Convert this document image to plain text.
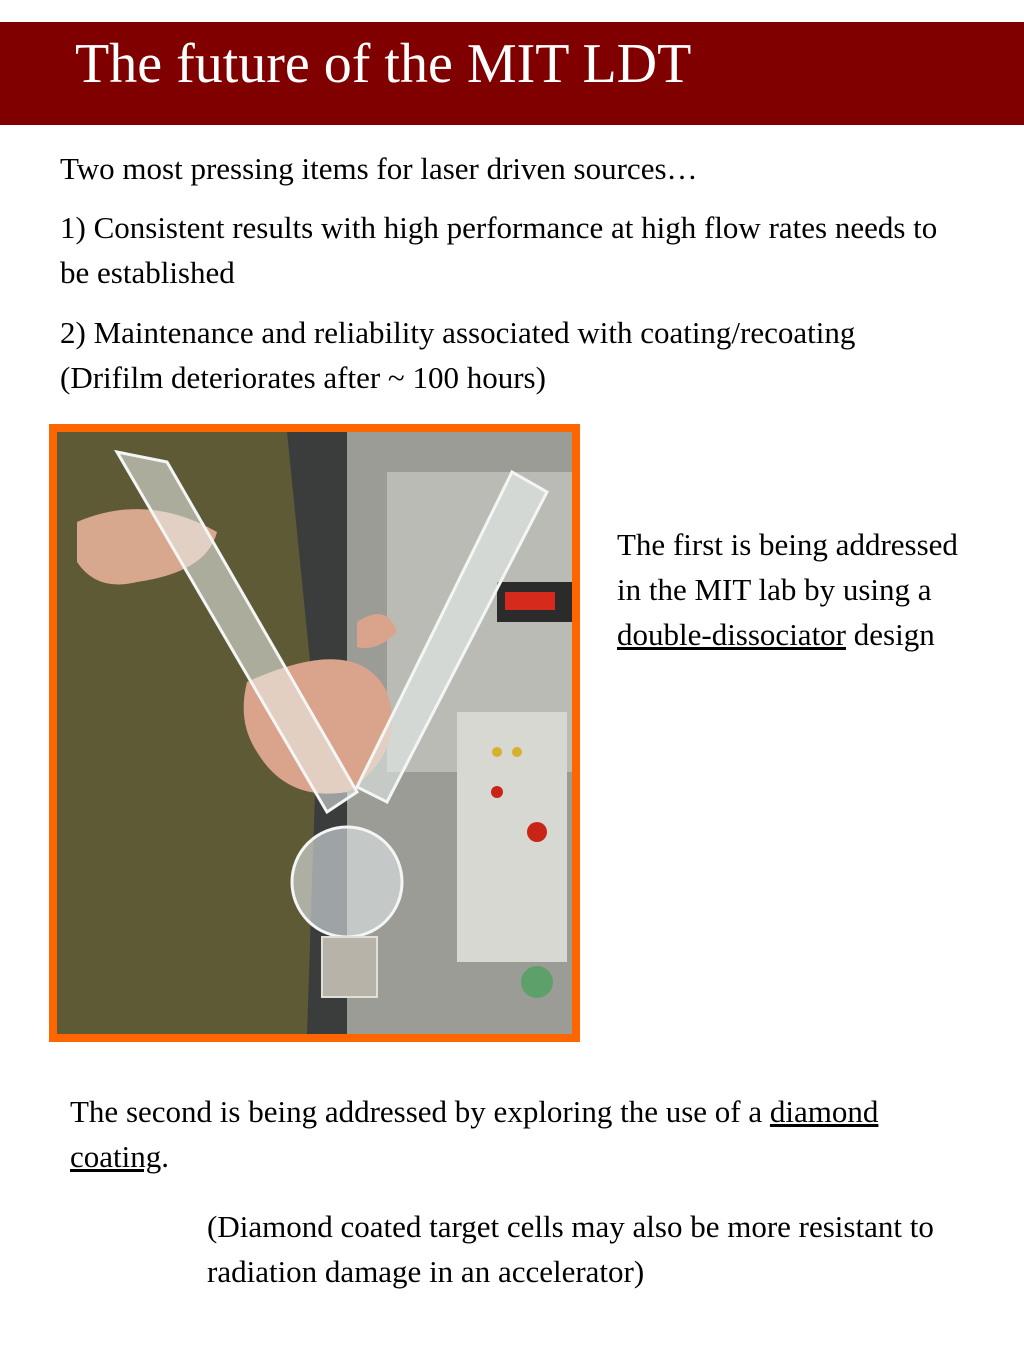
The future of the MIT LDT

Two most pressing items for laser driven sources…

1) Consistent results with high performance at high flow rates needs to be established

2) Maintenance and reliability associated with coating/recoating (Drifilm deteriorates after ~ 100 hours)

The first is being addressed in the MIT lab by using a double-dissociator design

The second is being addressed by exploring the use of a diamond coating.

(Diamond coated target cells may also be more resistant to radiation damage in an accelerator)
